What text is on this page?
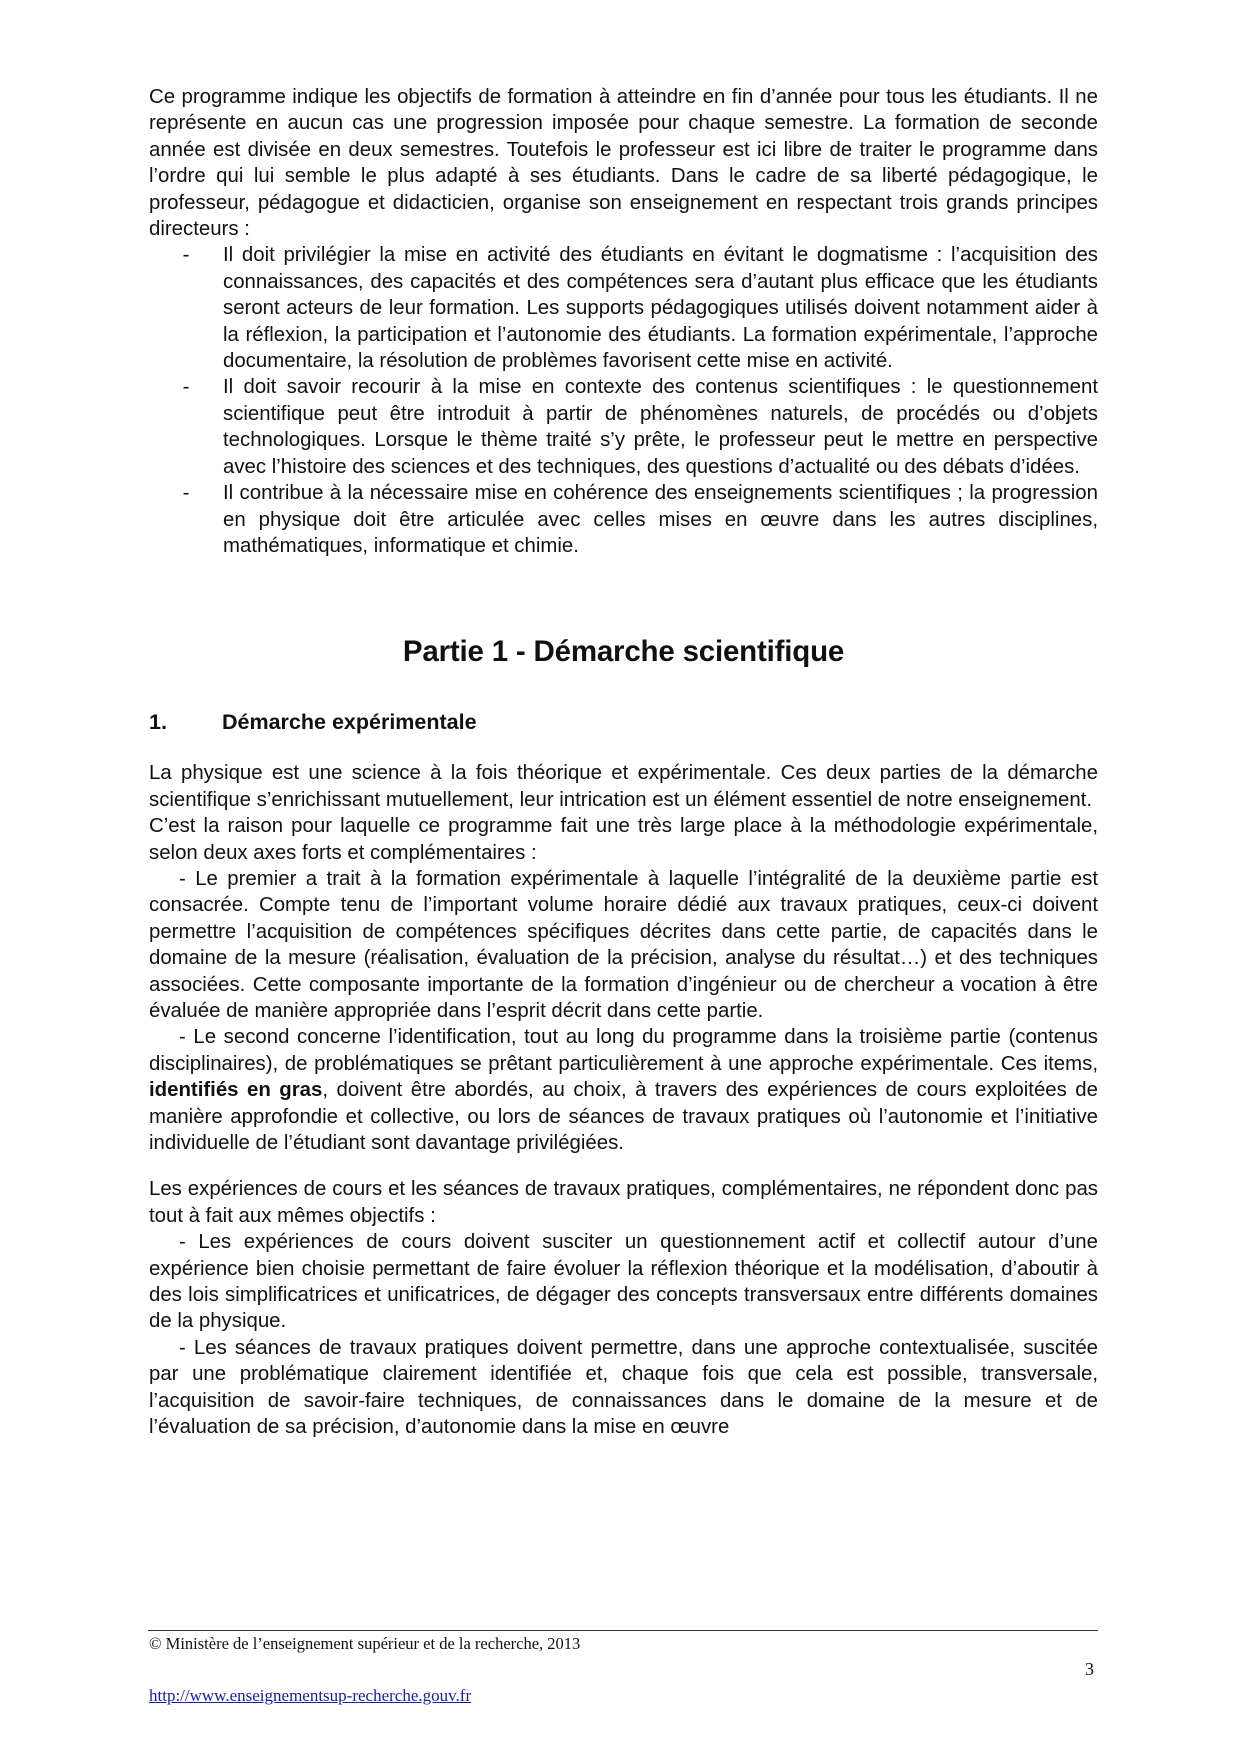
Ce programme indique les objectifs de formation à atteindre en fin d’année pour tous les étudiants. Il ne représente en aucun cas une progression imposée pour chaque semestre. La formation de seconde année est divisée en deux semestres. Toutefois le professeur est ici libre de traiter le programme dans l’ordre qui lui semble le plus adapté à ses étudiants. Dans le cadre de sa liberté pédagogique, le professeur, pédagogue et didacticien, organise son enseignement en respectant trois grands principes directeurs :

-	Il doit privilégier la mise en activité des étudiants en évitant le dogmatisme : l’acquisition des connaissances, des capacités et des compétences sera d’autant plus efficace que les étudiants seront acteurs de leur formation. Les supports pédagogiques utilisés doivent notamment aider à la réflexion, la participation et l’autonomie des étudiants. La formation expérimentale, l’approche documentaire, la résolution de problèmes favorisent cette mise en activité.
-	Il doit savoir recourir à la mise en contexte des contenus scientifiques : le questionnement scientifique peut être introduit à partir de phénomènes naturels, de procédés ou d’objets technologiques. Lorsque le thème traité s’y prête, le professeur peut le mettre en perspective avec l’histoire des sciences et des techniques, des questions d’actualité ou des débats d’idées.
-	Il contribue à la nécessaire mise en cohérence des enseignements scientifiques ; la progression en physique doit être articulée avec celles mises en œuvre dans les autres disciplines, mathématiques, informatique et chimie.
Partie 1 - Démarche scientifique
1.	Démarche expérimentale

La physique est une science à la fois théorique et expérimentale. Ces deux parties de la démarche scientifique s’enrichissant mutuellement, leur intrication est un élément essentiel de notre enseignement.

C’est la raison pour laquelle ce programme fait une très large place à la méthodologie expérimentale, selon deux axes forts et complémentaires :

- Le premier a trait à la formation expérimentale à laquelle l’intégralité de la deuxième partie est consacrée. Compte tenu de l’important volume horaire dédié aux travaux pratiques, ceux-ci doivent permettre l’acquisition de compétences spécifiques décrites dans cette partie, de capacités dans le domaine de la mesure (réalisation, évaluation de la précision, analyse du résultat…) et des techniques associées. Cette composante importante de la formation d’ingénieur ou de chercheur a vocation à être évaluée de manière appropriée dans l’esprit décrit dans cette partie.

- Le second concerne l’identification, tout au long du programme dans la troisième partie (contenus disciplinaires), de problématiques se prêtant particulièrement à une approche expérimentale. Ces items, identifiés en gras, doivent être abordés, au choix, à travers des expériences de cours exploitées de manière approfondie et collective, ou lors de séances de travaux pratiques où l’autonomie et l’initiative individuelle de l’étudiant sont davantage privilégiées.

Les expériences de cours et les séances de travaux pratiques, complémentaires, ne répondent donc pas tout à fait aux mêmes objectifs :

- Les expériences de cours doivent susciter un questionnement actif et collectif autour d’une expérience bien choisie permettant de faire évoluer la réflexion théorique et la modélisation, d’aboutir à des lois simplificatrices et unificatrices, de dégager des concepts transversaux entre différents domaines de la physique.

- Les séances de travaux pratiques doivent permettre, dans une approche contextualisée, suscitée par une problématique clairement identifiée et, chaque fois que cela est possible, transversale, l’acquisition de savoir-faire techniques, de connaissances dans le domaine de la mesure et de l’évaluation de sa précision, d’autonomie dans la mise en œuvre

© Ministère de l’enseignement supérieur et de la recherche, 2013
3
http://www.enseignementsup-recherche.gouv.fr
